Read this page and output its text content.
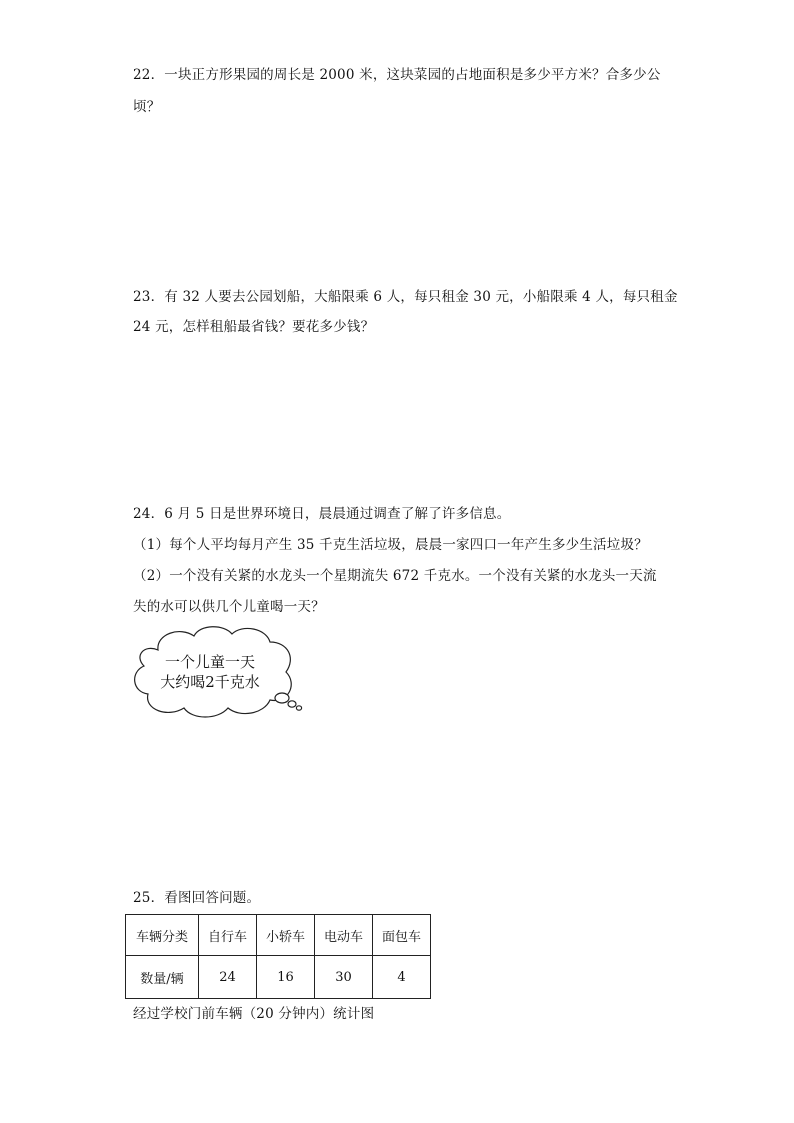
22．一块正方形果园的周长是 2000 米，这块菜园的占地面积是多少平方米？合多少公
顷？
23．有 32 人要去公园划船，大船限乘 6 人，每只租金 30 元，小船限乘 4 人，每只租金
24 元，怎样租船最省钱？要花多少钱？
24．6 月 5 日是世界环境日，晨晨通过调查了解了许多信息。
（1）每个人平均每月产生 35 千克生活垃圾，晨晨一家四口一年产生多少生活垃圾？
（2）一个没有关紧的水龙头一个星期流失 672 千克水。一个没有关紧的水龙头一天流
失的水可以供几个儿童喝一天？
一个儿童一天
大约喝2千克水
25．看图回答问题。
车辆分类	自行车	小轿车	电动车	面包车
数量/辆	24	16	30	4
经过学校门前车辆（20 分钟内）统计图
